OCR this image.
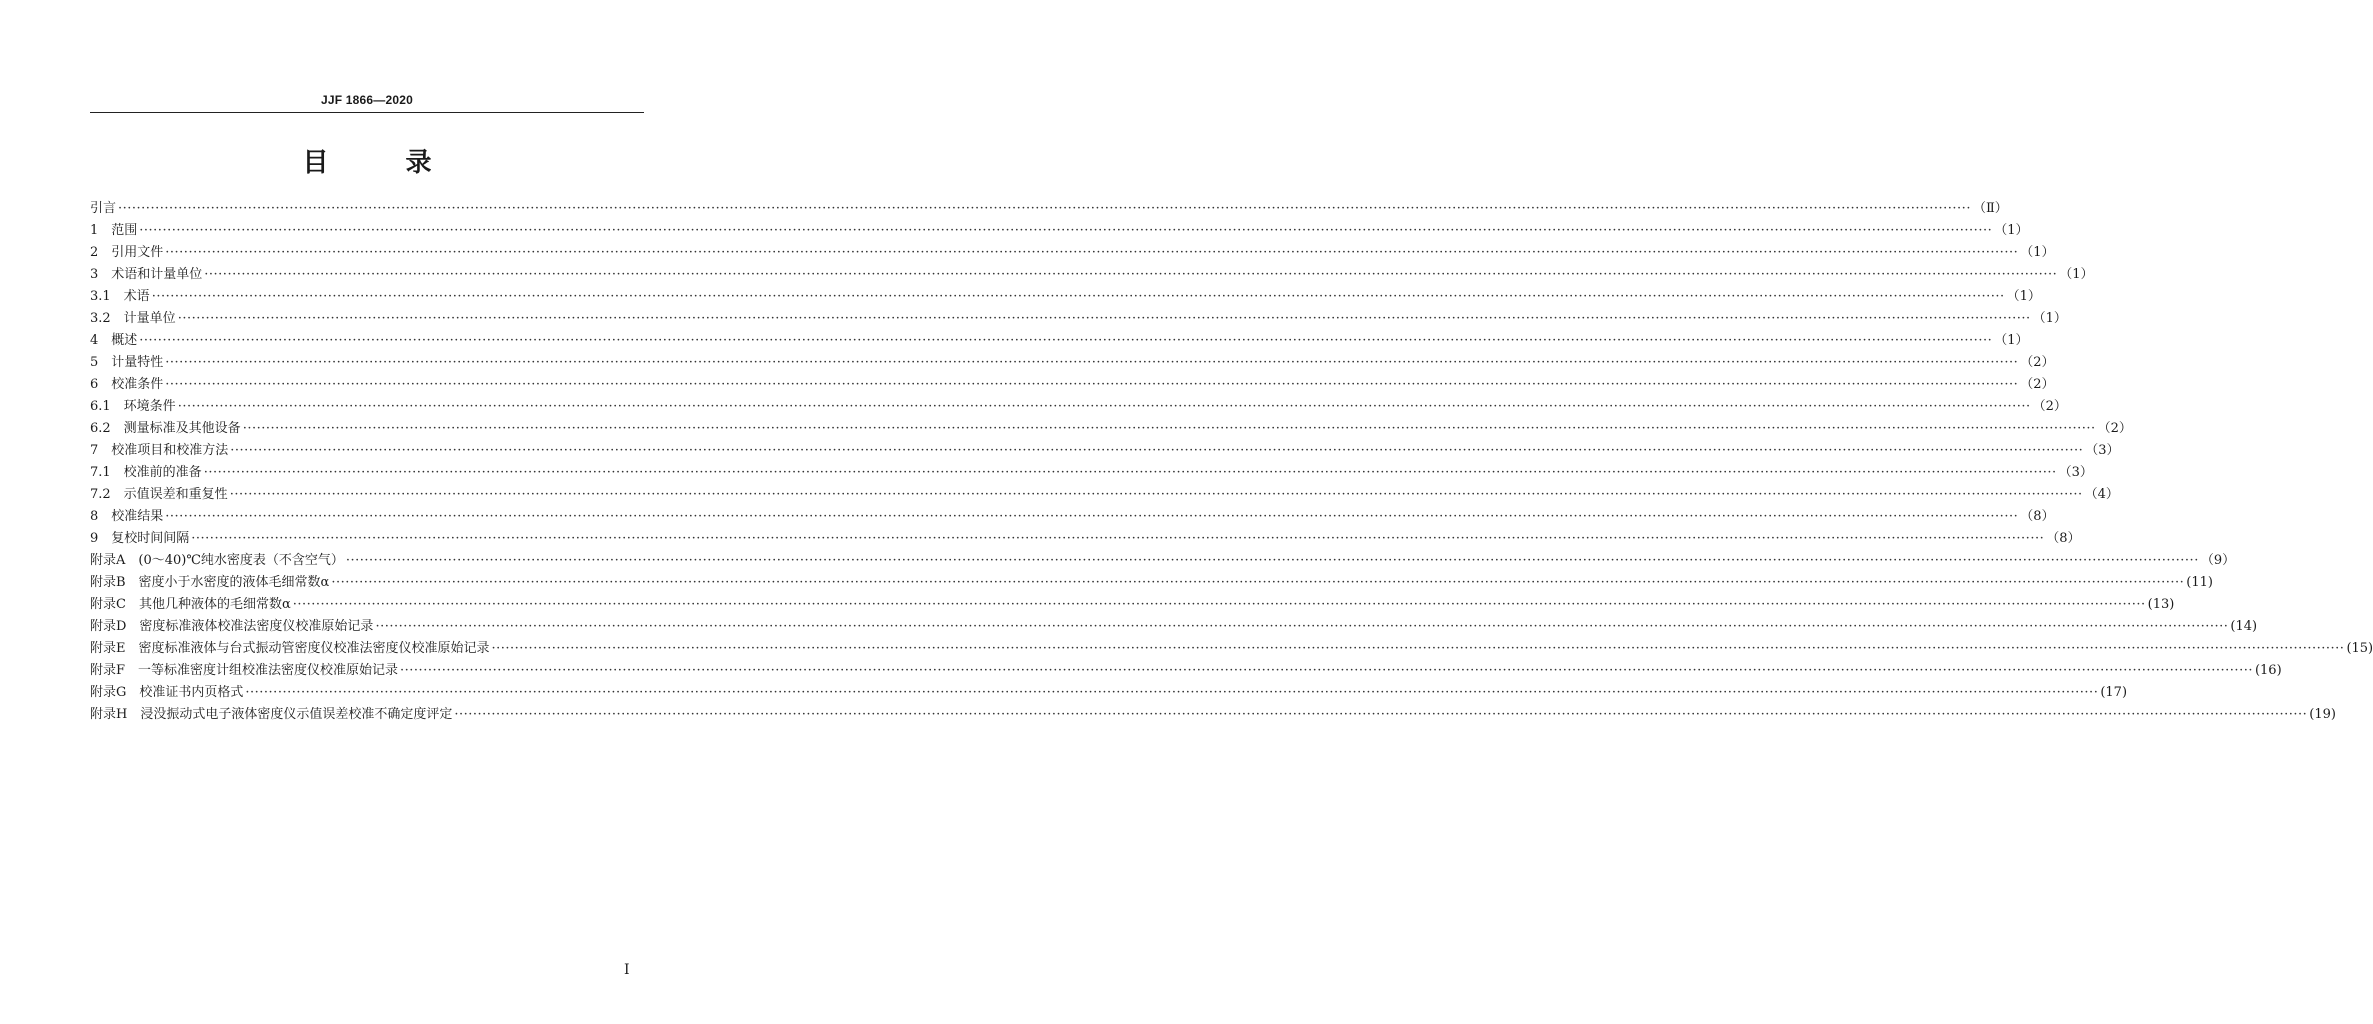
JJF 1866—2020
目 录
引言 ················································································································································································································································································································································································································ （Ⅱ）
1　范围 ················································································································································································································································································································································································································ （1）
2　引用文件 ················································································································································································································································································································································································································ （1）
3　术语和计量单位 ················································································································································································································································································································································································································ （1）
3.1　术语 ················································································································································································································································································································································································································ （1）
3.2　计量单位 ················································································································································································································································································································································································································ （1）
4　概述 ················································································································································································································································································································································································································ （1）
5　计量特性 ················································································································································································································································································································································································································ （2）
6　校准条件 ················································································································································································································································································································································································································ （2）
6.1　环境条件 ················································································································································································································································································································································································································ （2）
6.2　测量标准及其他设备 ················································································································································································································································································································································································································ （2）
7　校准项目和校准方法 ················································································································································································································································································································································································································ （3）
7.1　校准前的准备 ················································································································································································································································································································································································································ （3）
7.2　示值误差和重复性 ················································································································································································································································································································································································································ （4）
8　校准结果 ················································································································································································································································································································································································································ （8）
9　复校时间间隔 ················································································································································································································································································································································································································ （8）
附录A　(0～40)℃纯水密度表（不含空气） ················································································································································································································································································································································································································ （9）
附录B　密度小于水密度的液体毛细常数α ················································································································································································································································································································································································································ (11)
附录C　其他几种液体的毛细常数α ················································································································································································································································································································································································································ (13)
附录D　密度标准液体校准法密度仪校准原始记录 ················································································································································································································································································································································································································ (14)
附录E　密度标准液体与台式振动管密度仪校准法密度仪校准原始记录 ················································································································································································································································································································································································································ (15)
附录F　一等标准密度计组校准法密度仪校准原始记录 ················································································································································································································································································································································································································ (16)
附录G　校准证书内页格式 ················································································································································································································································································································································································································ (17)
附录H　浸没振动式电子液体密度仪示值误差校准不确定度评定 ················································································································································································································································································································································································································ (19)
Ⅰ
